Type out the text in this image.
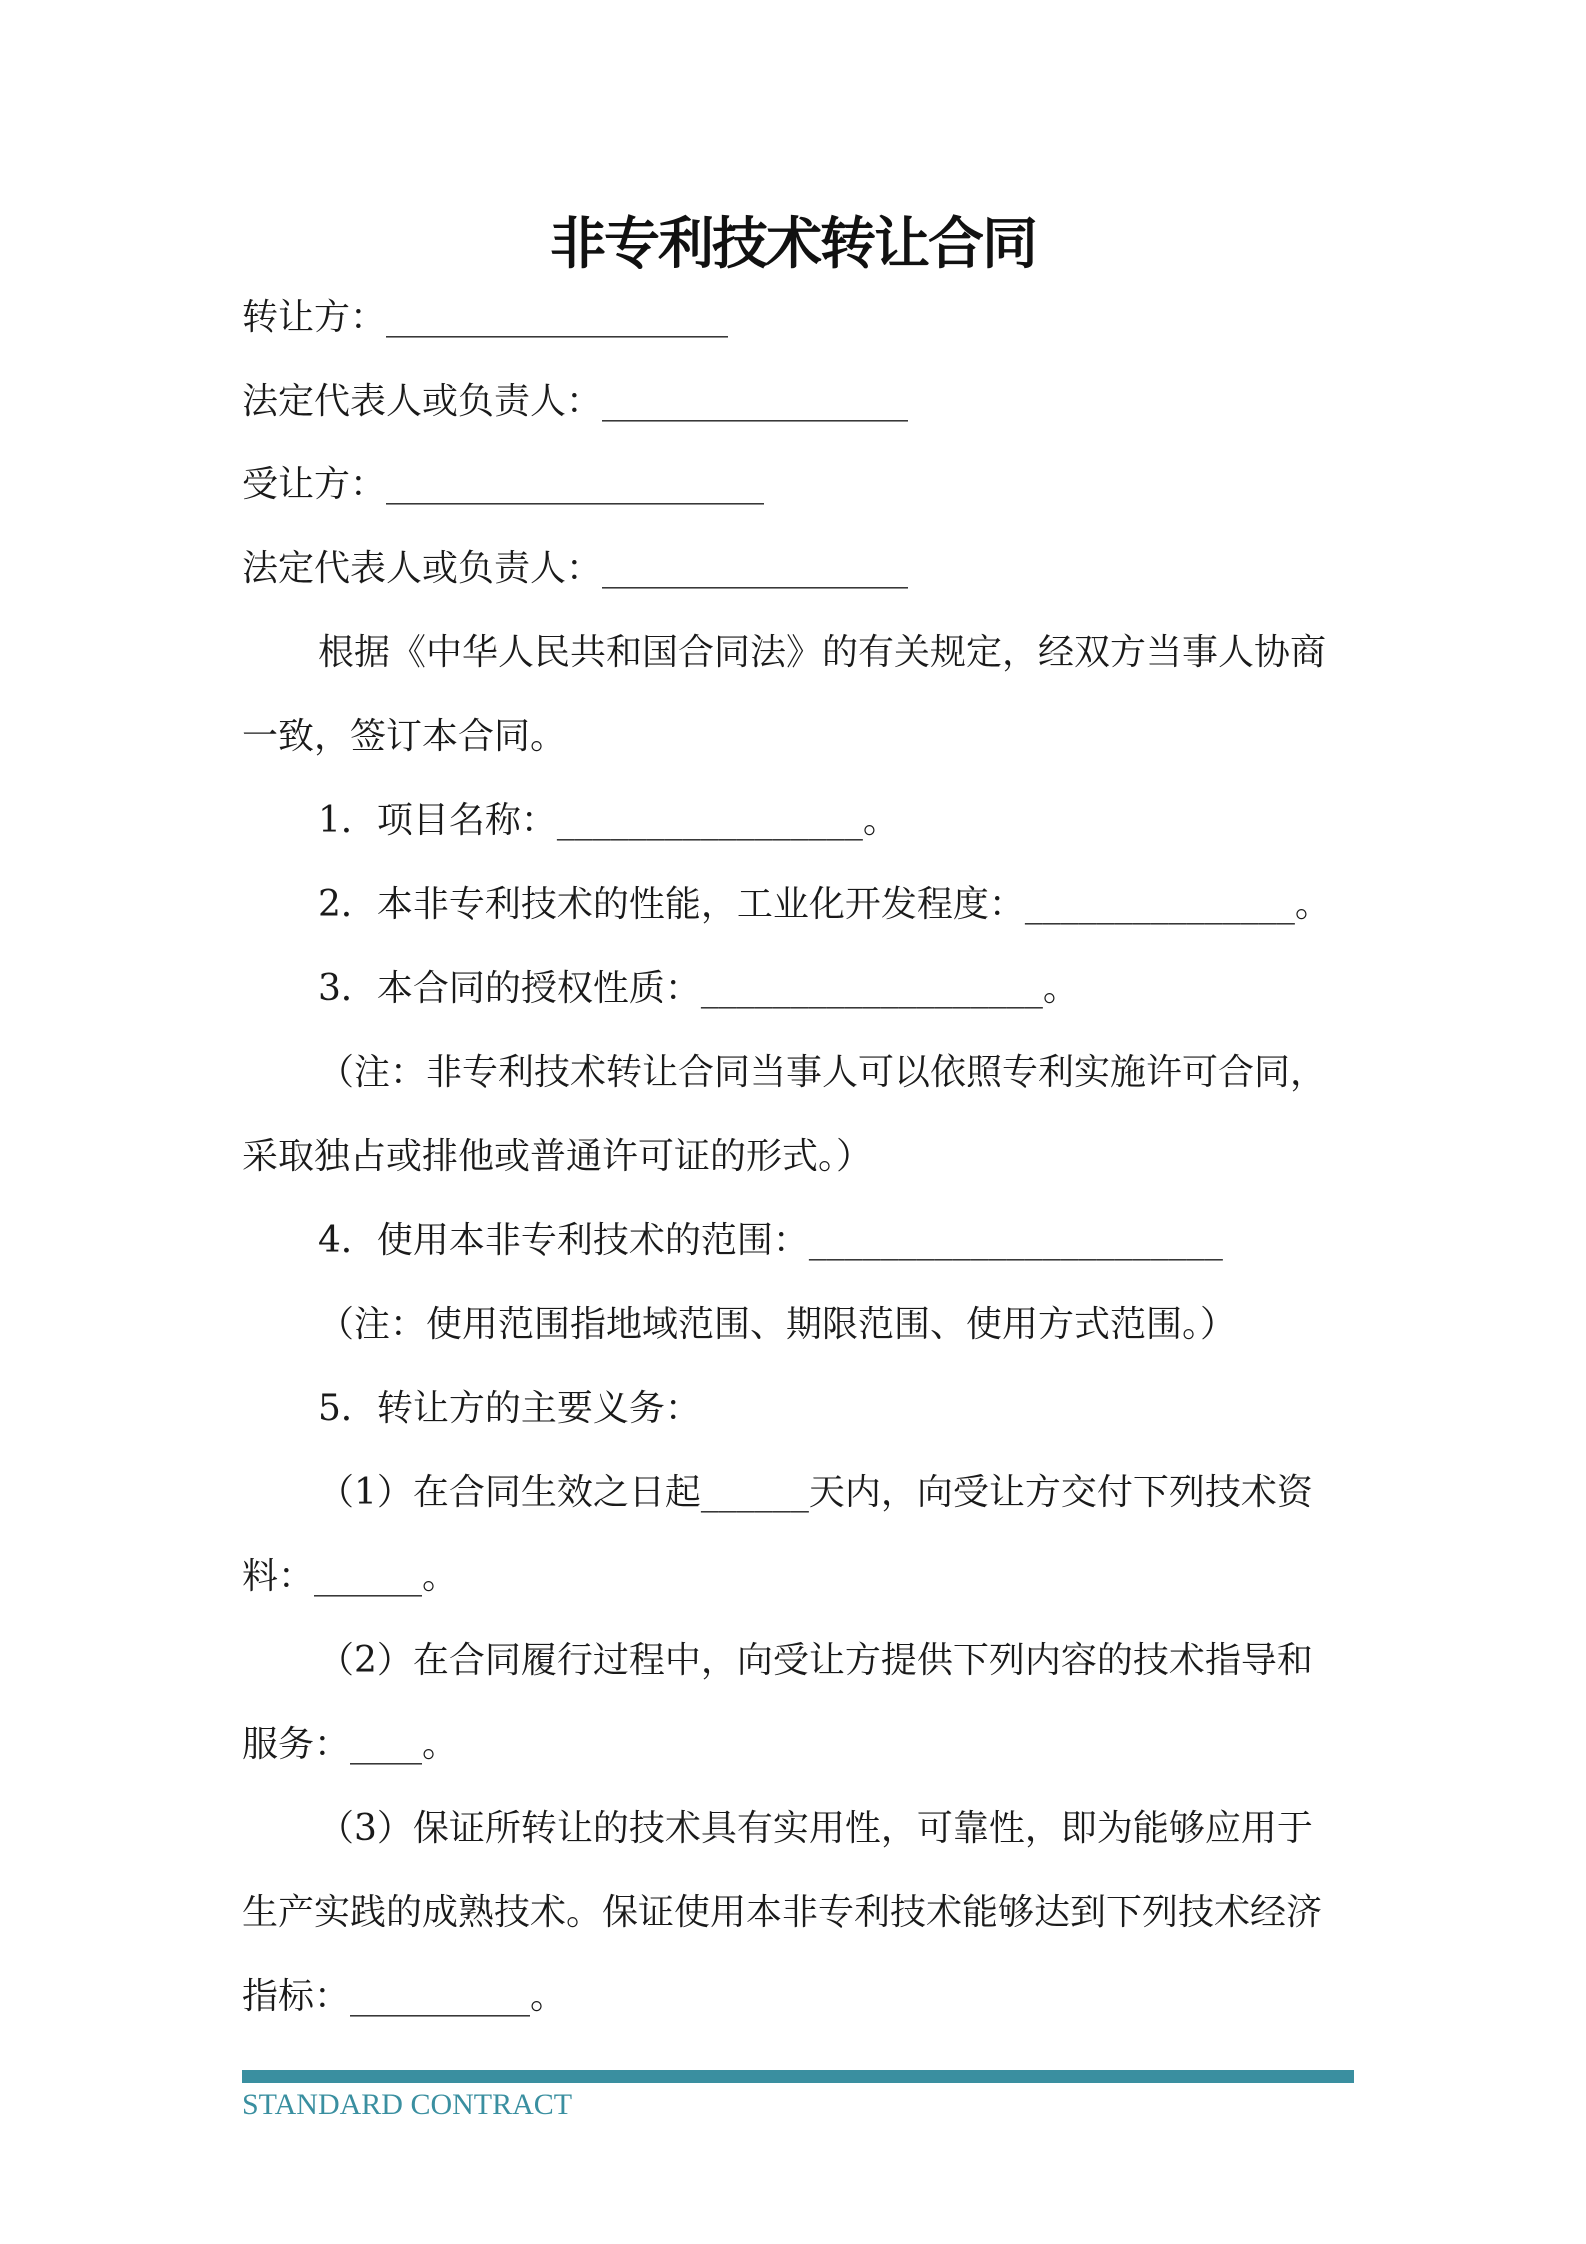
非专利技术转让合同
转让方：___________________
法定代表人或负责人：_________________
受让方：_____________________
法定代表人或负责人：_________________
根据《中华人民共和国合同法》的有关规定，经双方当事人协商
一致，签订本合同。
1．项目名称：_________________。
2．本非专利技术的性能，工业化开发程度：_______________。
3．本合同的授权性质：___________________。
（注：非专利技术转让合同当事人可以依照专利实施许可合同，
采取独占或排他或普通许可证的形式。）
4．使用本非专利技术的范围：_______________________
（注：使用范围指地域范围、期限范围、使用方式范围。）
5．转让方的主要义务：
（1）在合同生效之日起______天内，向受让方交付下列技术资
料：______。
（2）在合同履行过程中，向受让方提供下列内容的技术指导和
服务：____。
（3）保证所转让的技术具有实用性，可靠性，即为能够应用于
生产实践的成熟技术。保证使用本非专利技术能够达到下列技术经济
指标：__________。
STANDARD CONTRACT
